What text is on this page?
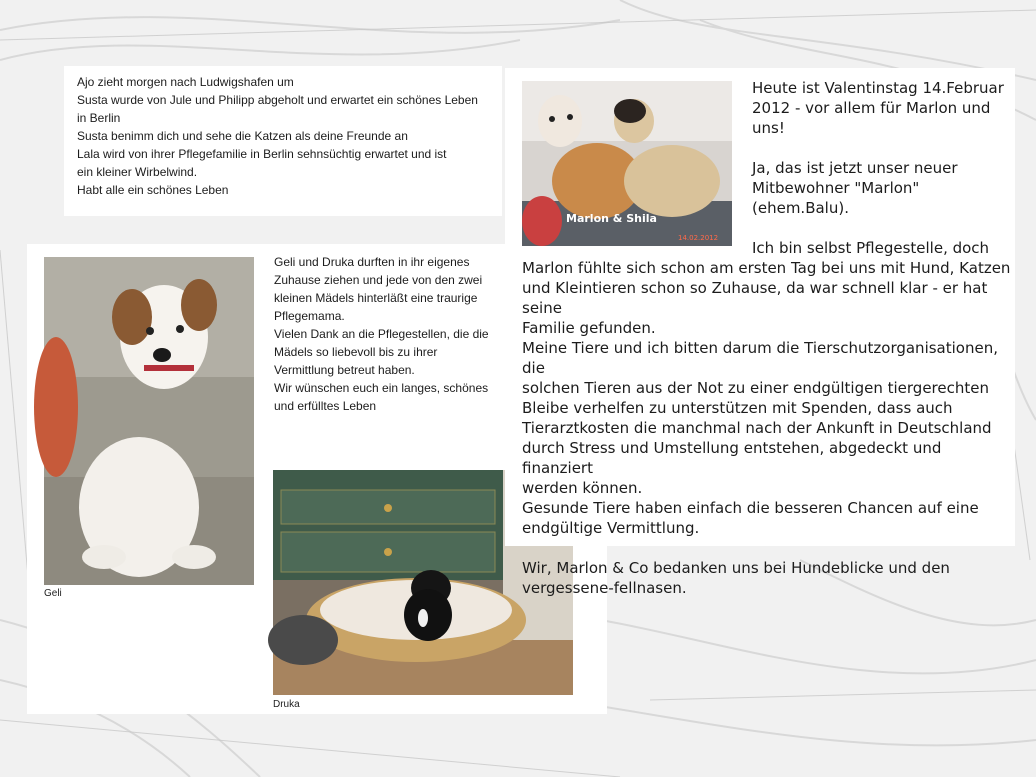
Ajo zieht morgen nach Ludwigshafen um
Susta wurde von Jule und Philipp abgeholt und erwartet ein schönes Leben
in Berlin
Susta benimm dich und sehe die Katzen als deine Freunde an
Lala wird von ihrer Pflegefamilie in Berlin sehnsüchtig erwartet und ist
ein kleiner Wirbelwind.
Habt alle ein schönes Leben
Geli
Geli und Druka durften in ihr eigenes
Zuhause ziehen und jede von den zwei
kleinen Mädels hinterläßt eine traurige
Pflegemama.
Vielen Dank an die Pflegestellen, die die
Mädels so liebevoll bis zu ihrer
Vermittlung betreut haben.
Wir wünschen euch ein langes, schönes
und erfülltes Leben
Druka
Marlon & Shila
14.02.2012
Heute ist Valentinstag 14.Februar
2012 - vor allem für Marlon und
uns!

Ja, das ist jetzt unser neuer
Mitbewohner "Marlon"
(ehem.Balu).

Ich bin selbst Pflegestelle, doch
Marlon fühlte sich schon am ersten Tag bei uns mit Hund, Katzen
und Kleintieren schon so Zuhause, da war schnell klar - er hat seine
Familie gefunden.
Meine Tiere und ich bitten darum die Tierschutzorganisationen, die
solchen Tieren aus der Not zu einer endgültigen tiergerechten
Bleibe verhelfen zu unterstützen mit Spenden, dass auch
Tierarztkosten die manchmal nach der Ankunft in Deutschland
durch Stress und Umstellung entstehen, abgedeckt und finanziert
werden können.
Gesunde Tiere haben einfach die besseren Chancen auf eine
endgültige Vermittlung.

Wir, Marlon & Co bedanken uns bei Hundeblicke und den
vergessene-fellnasen.
